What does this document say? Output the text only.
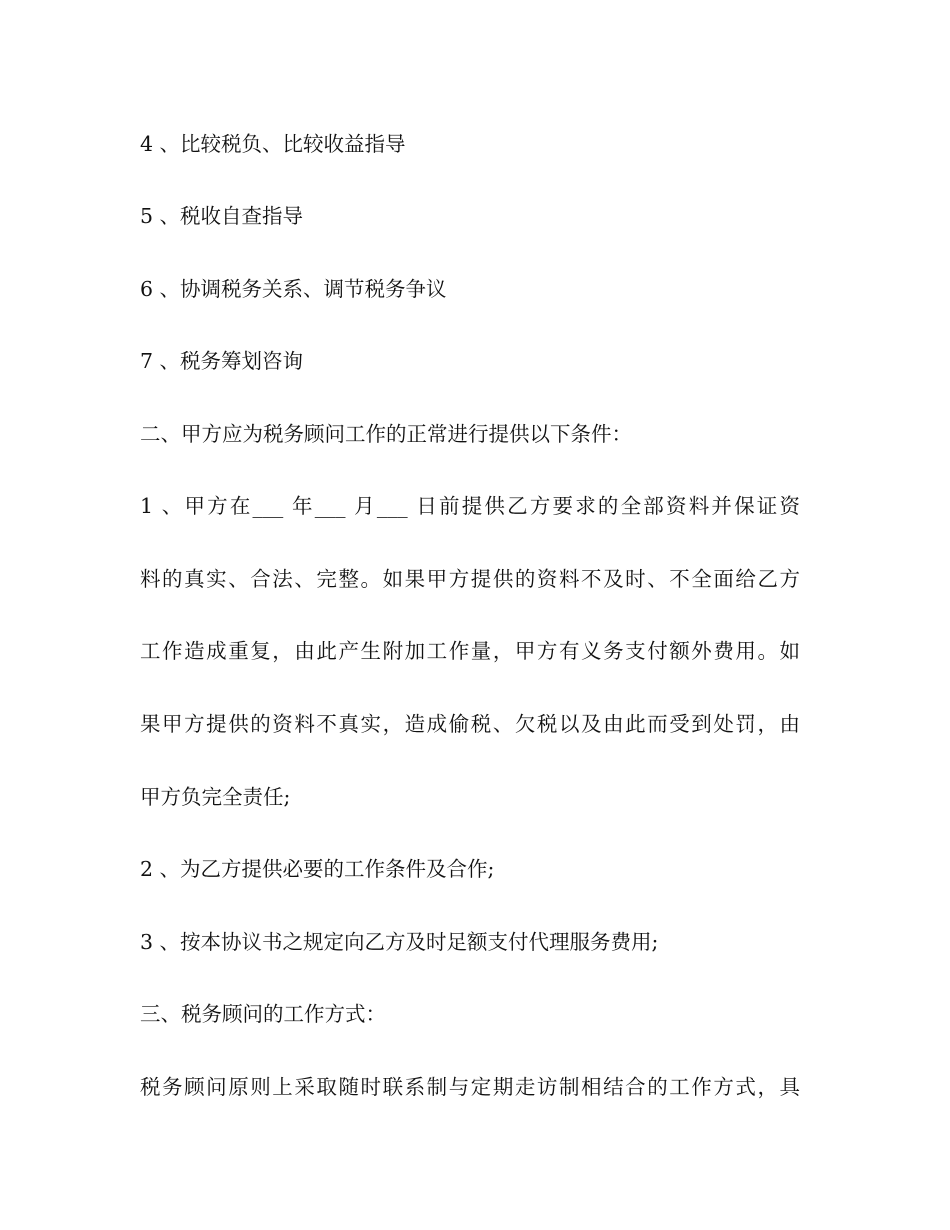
4 、比较税负、比较收益指导
5 、税收自查指导
6 、协调税务关系、调节税务争议
7 、税务筹划咨询
二、甲方应为税务顾问工作的正常进行提供以下条件：
1 、甲方在___ 年___ 月___ 日前提供乙方要求的全部资料并保证资
料的真实、合法、完整。如果甲方提供的资料不及时、不全面给乙方
工作造成重复，由此产生附加工作量，甲方有义务支付额外费用。如
果甲方提供的资料不真实，造成偷税、欠税以及由此而受到处罚，由
甲方负完全责任;
2 、为乙方提供必要的工作条件及合作;
3 、按本协议书之规定向乙方及时足额支付代理服务费用;
三、税务顾问的工作方式：
税务顾问原则上采取随时联系制与定期走访制相结合的工作方式，具
